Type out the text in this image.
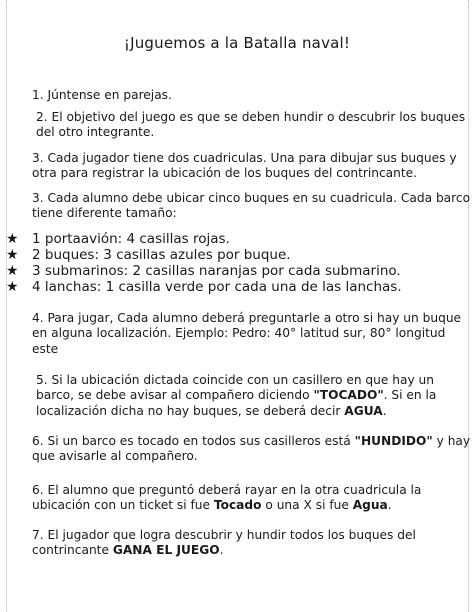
¡Juguemos a la Batalla naval!
1. Júntense en parejas.
2. El objetivo del juego es que se deben hundir o descubrir los buques
del otro integrante.
3. Cada jugador tiene dos cuadriculas. Una para dibujar sus buques y
otra para registrar la ubicación de los buques del contrincante.
3. Cada alumno debe ubicar cinco buques en su cuadricula. Cada barco
tiene diferente tamaño:
★ 1 portaavión: 4 casillas rojas.
★ 2 buques: 3 casillas azules por buque.
★ 3 submarinos: 2 casillas naranjas por cada submarino.
★ 4 lanchas: 1 casilla verde por cada una de las lanchas.
4. Para jugar, Cada alumno deberá preguntarle a otro si hay un buque
en alguna localización. Ejemplo: Pedro: 40° latitud sur, 80° longitud
este
5. Si la ubicación dictada coincide con un casillero en que hay un
barco, se debe avisar al compañero diciendo "TOCADO". Si en la
localización dicha no hay buques, se deberá decir AGUA.
6. Si un barco es tocado en todos sus casilleros está "HUNDIDO" y hay
que avisarle al compañero.
6. El alumno que preguntó deberá rayar en la otra cuadricula la
ubicación con un ticket si fue Tocado o una X si fue Agua.
7. El jugador que logra descubrir y hundir todos los buques del
contrincante GANA EL JUEGO.
